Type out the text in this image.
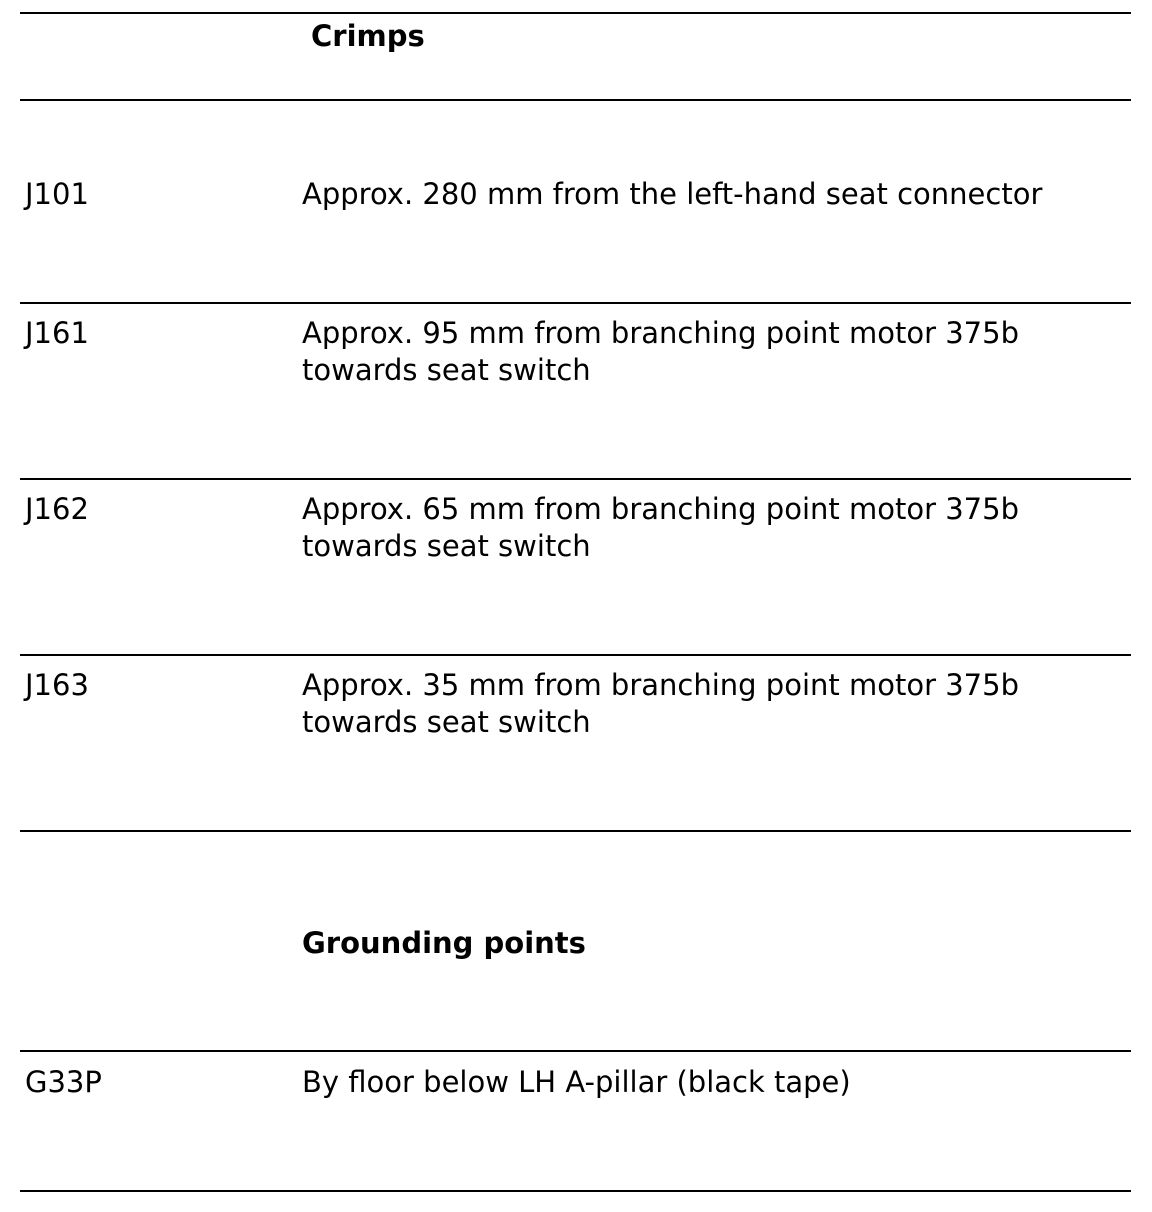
Crimps
J101	Approx. 280 mm from the left-hand seat connector
J161	Approx. 95 mm from branching point motor 375b
towards seat switch
J162	Approx. 65 mm from branching point motor 375b
towards seat switch
J163	Approx. 35 mm from branching point motor 375b
towards seat switch
Grounding points
G33P	By floor below LH A-pillar (black tape)
